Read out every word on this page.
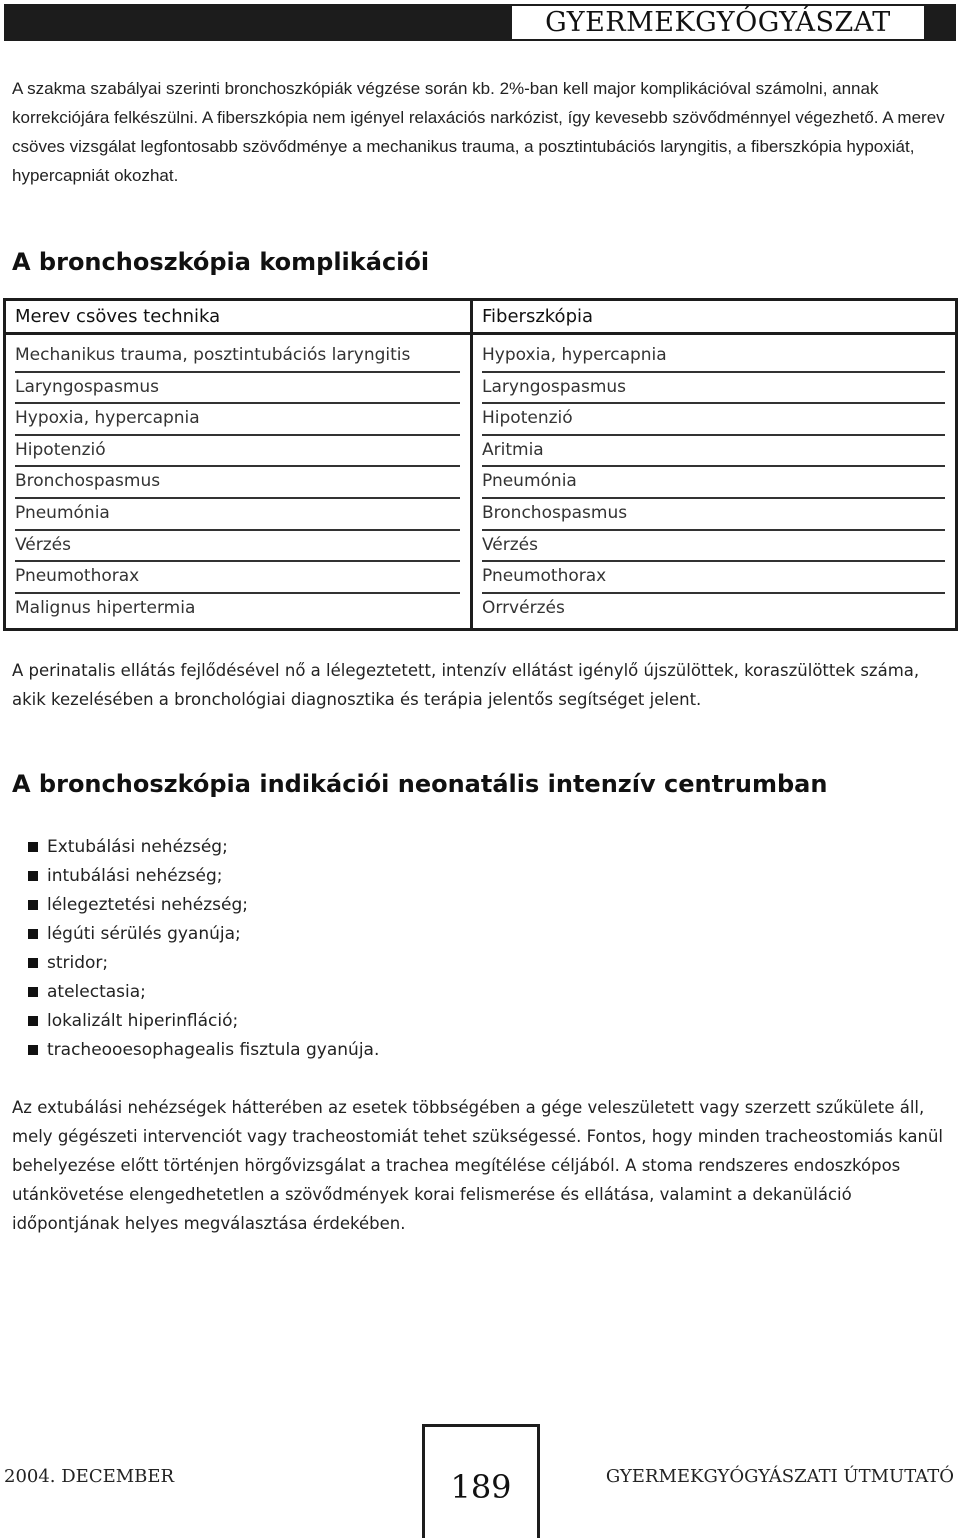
GYERMEKGYÓGYÁSZAT

A szakma szabályai szerinti bronchoszkópiák végzése során kb. 2%-ban kell major komplikációval számolni, annak korrekciójára felkészülni. A fiberszkópia nem igényel relaxációs narkózist, így kevesebb szövődménnyel végezhető. A merev csöves vizsgálat legfontosabb szövődménye a mechanikus trauma, a posztintubációs laryngitis, a fiberszkópia hypoxiát, hypercapniát okozhat.

A bronchoszkópia komplikációi
Merev csöves technika
Mechanikus trauma, posztintubációs laryngitis
Laryngospasmus
Hypoxia, hypercapnia
Hipotenzió
Bronchospasmus
Pneumónia
Vérzés
Pneumothorax
Malignus hipertermia
Fiberszkópia
Hypoxia, hypercapnia
Laryngospasmus
Hipotenzió
Aritmia
Pneumónia
Bronchospasmus
Vérzés
Pneumothorax
Orrvérzés

A perinatalis ellátás fejlődésével nő a lélegeztetett, intenzív ellátást igénylő újszülöttek, koraszülöttek száma, akik kezelésében a bronchológiai diagnosztika és terápia jelentős segítséget jelent.

A bronchoszkópia indikációi neonatális intenzív centrumban
Extubálási nehézség;
intubálási nehézség;
lélegeztetési nehézség;
légúti sérülés gyanúja;
stridor;
atelectasia;
lokalizált hiperinfláció;
tracheooesophagealis fisztula gyanúja.

Az extubálási nehézségek hátterében az esetek többségében a gége veleszületett vagy szerzett szűkülete áll, mely gégészeti intervenciót vagy tracheostomiát tehet szükségessé. Fontos, hogy minden tracheostomiás kanül behelyezése előtt történjen hörgővizsgálat a trachea megítélése céljából. A stoma rendszeres endoszkópos utánkövetése elengedhetetlen a szövődmények korai felismerése és ellátása, valamint a dekanüláció időpontjának helyes megválasztása érdekében.

2004. DECEMBER	189	GYERMEKGYÓGYÁSZATI ÚTMUTATÓ
